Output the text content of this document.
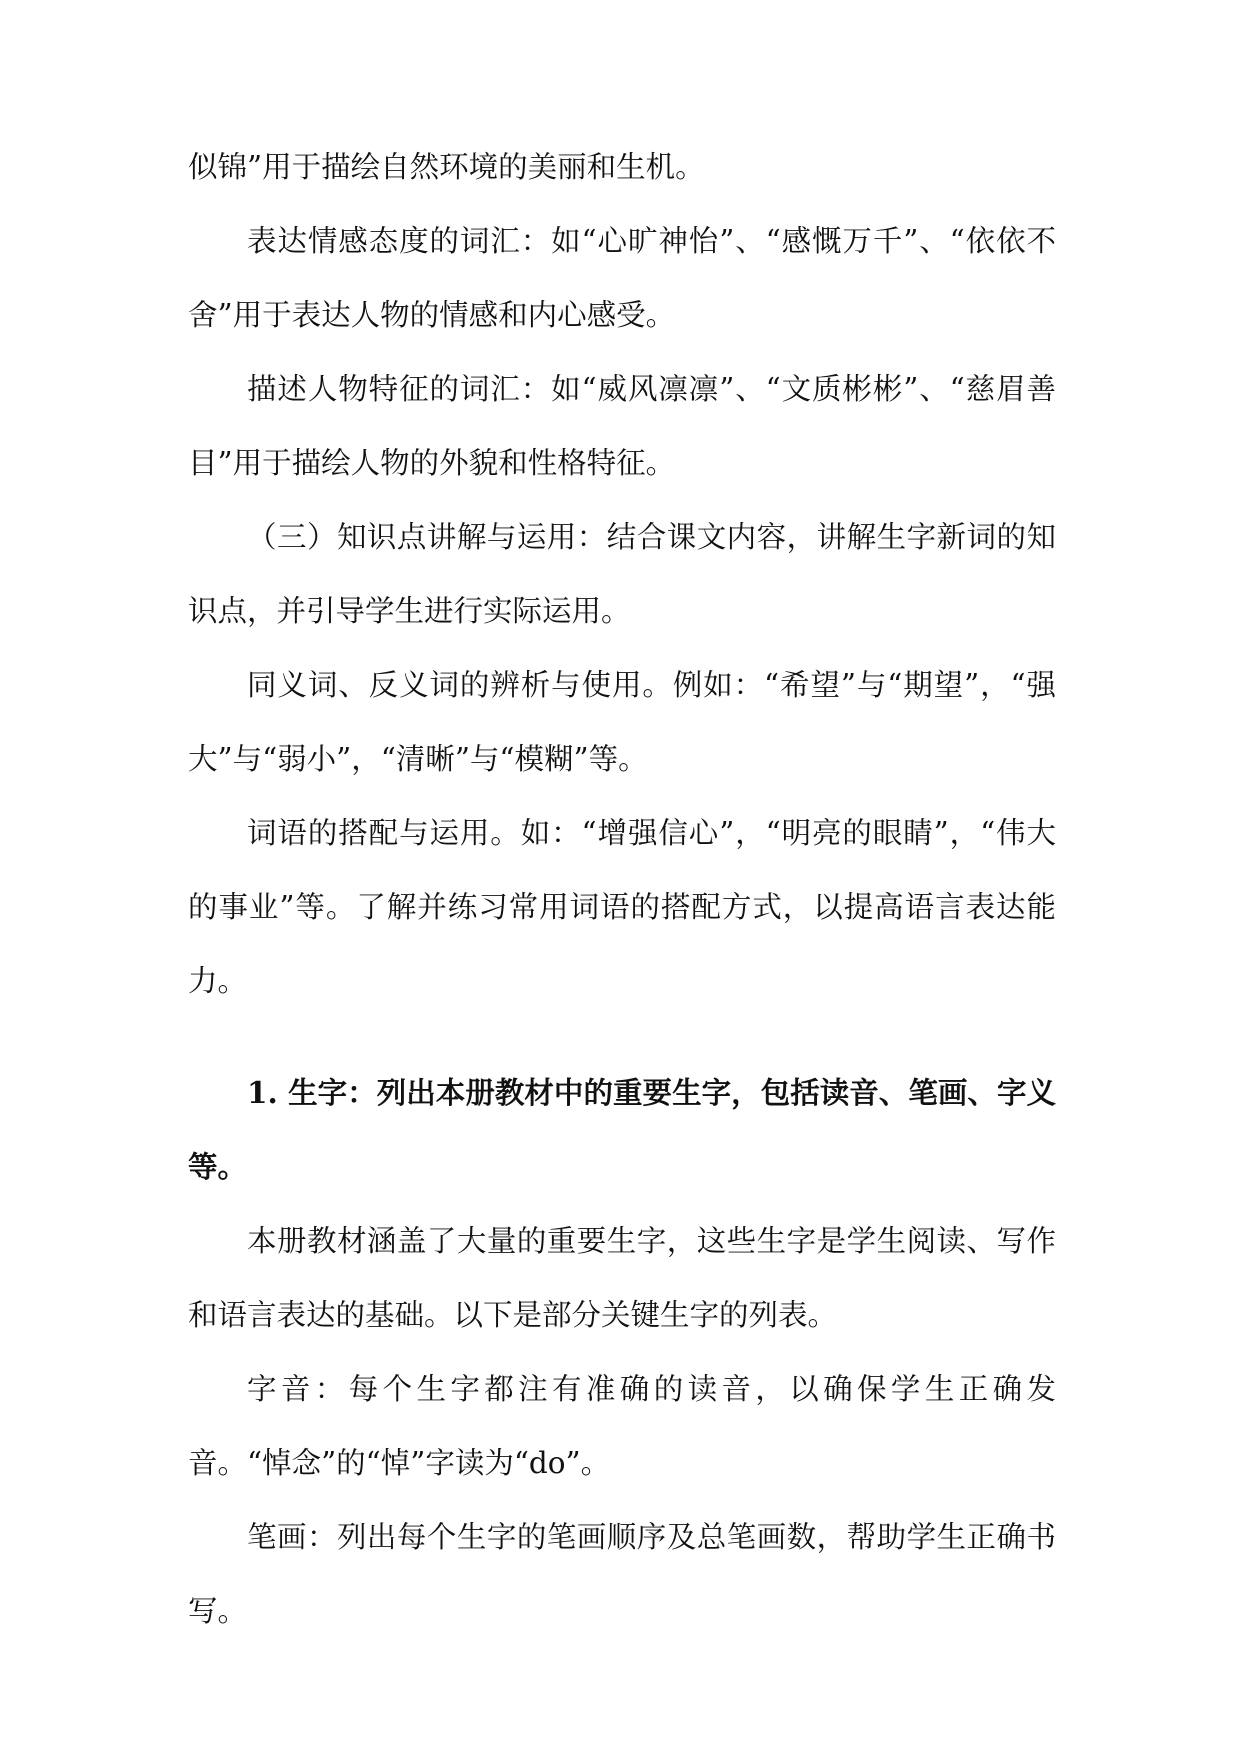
似锦”用于描绘自然环境的美丽和生机。

表达情感态度的词汇：如“心旷神怡”、“感慨万千”、“依依不舍”用于表达人物的情感和内心感受。

描述人物特征的词汇：如“威风凛凛”、“文质彬彬”、“慈眉善目”用于描绘人物的外貌和性格特征。

（三）知识点讲解与运用：结合课文内容，讲解生字新词的知识点，并引导学生进行实际运用。

同义词、反义词的辨析与使用。例如：“希望”与“期望”，“强大”与“弱小”，“清晰”与“模糊”等。

词语的搭配与运用。如：“增强信心”，“明亮的眼睛”，“伟大的事业”等。了解并练习常用词语的搭配方式，以提高语言表达能力。

1. 生字：列出本册教材中的重要生字，包括读音、笔画、字义等。

本册教材涵盖了大量的重要生字，这些生字是学生阅读、写作和语言表达的基础。以下是部分关键生字的列表。

字音：每个生字都注有准确的读音，以确保学生正确发音。“悼念”的“悼”字读为“do”。

笔画：列出每个生字的笔画顺序及总笔画数，帮助学生正确书写。
